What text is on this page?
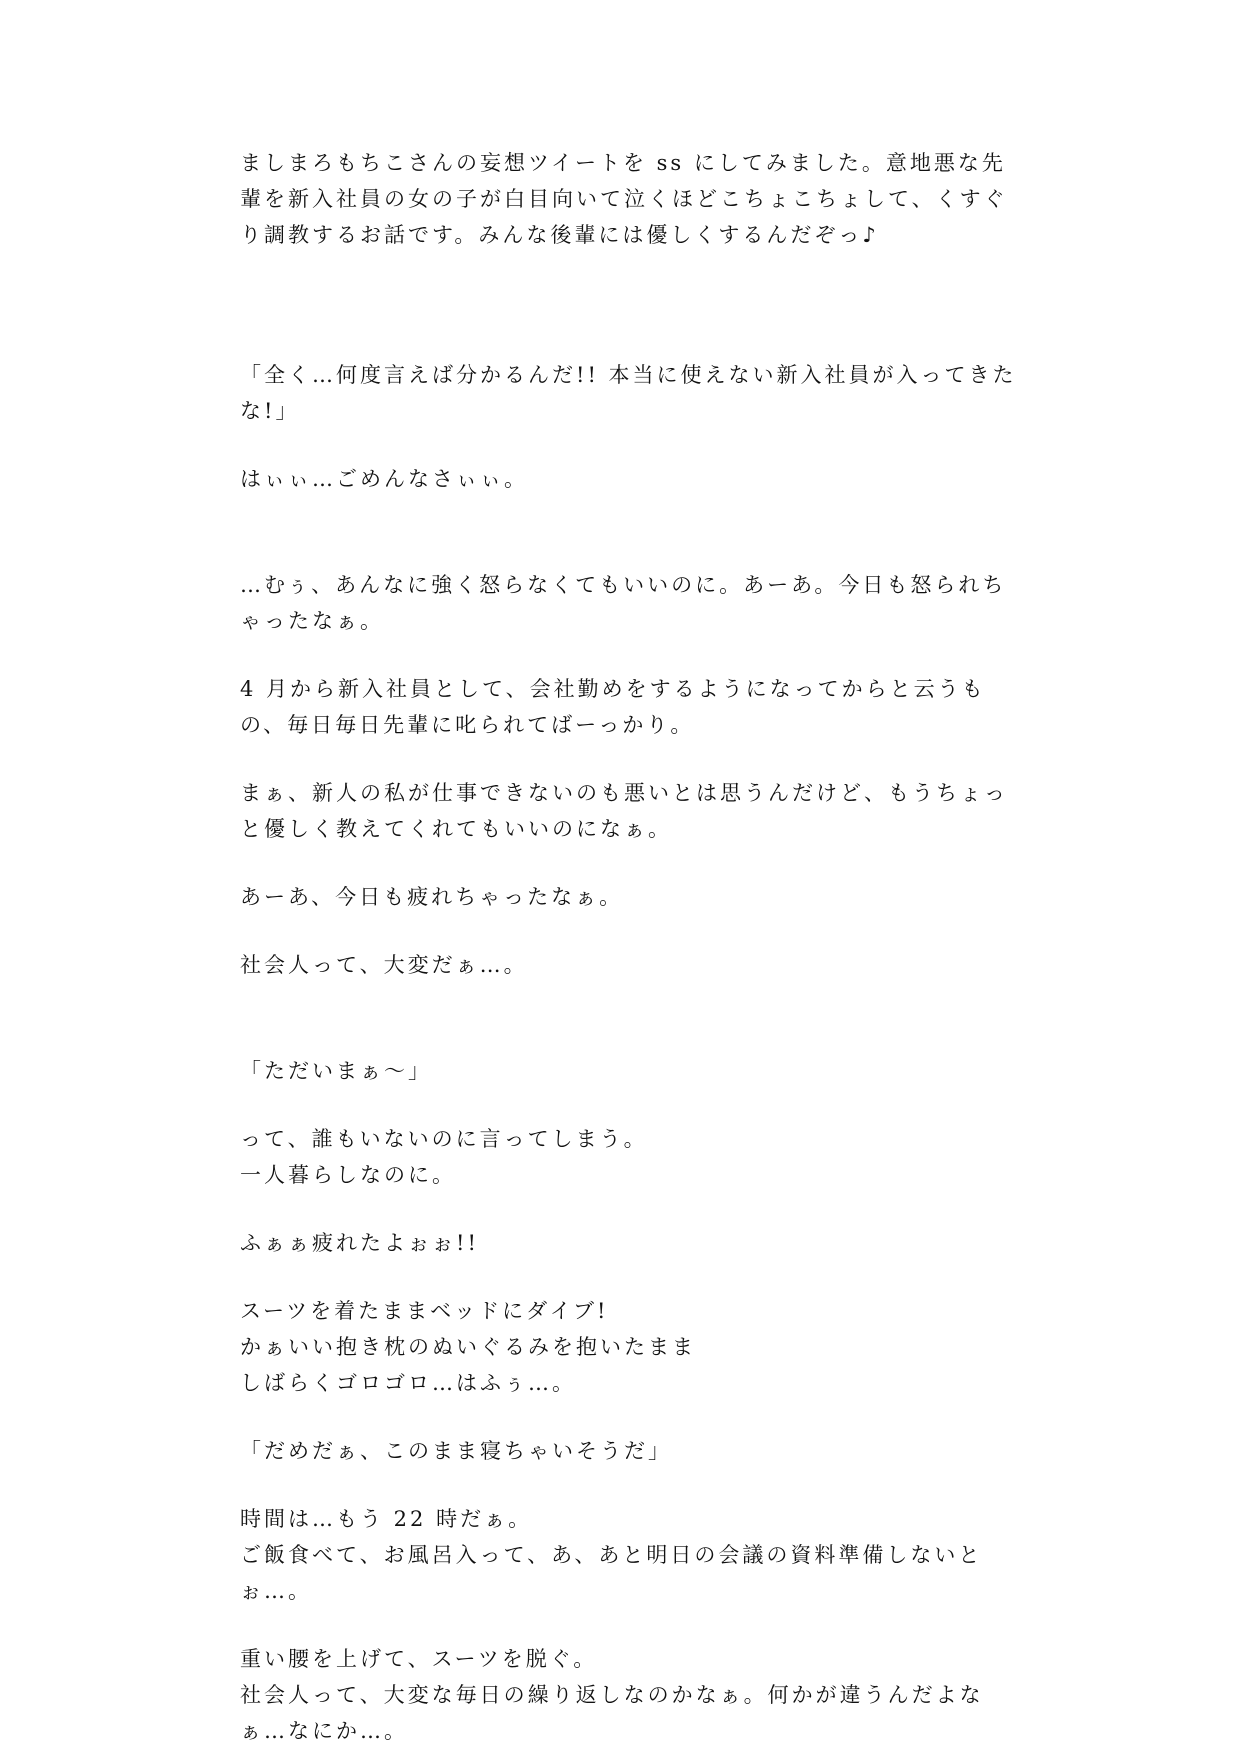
ましまろもちこさんの妄想ツイートを ss にしてみました。意地悪な先輩を新入社員の女の子が白目向いて泣くほどこちょこちょして、くすぐり調教するお話です。みんな後輩には優しくするんだぞっ♪

「全く…何度言えば分かるんだ!! 本当に使えない新入社員が入ってきたな!」

はぃぃ…ごめんなさぃぃ。

…むぅ、あんなに強く怒らなくてもいいのに。あーあ。今日も怒られちゃったなぁ。

4 月から新入社員として、会社勤めをするようになってからと云うもの、毎日毎日先輩に叱られてばーっかり。

まぁ、新人の私が仕事できないのも悪いとは思うんだけど、もうちょっと優しく教えてくれてもいいのになぁ。

あーあ、今日も疲れちゃったなぁ。

社会人って、大変だぁ…。

「ただいまぁ～」

って、誰もいないのに言ってしまう。
一人暮らしなのに。

ふぁぁ疲れたよぉぉ!!

スーツを着たままベッドにダイブ!
かぁいい抱き枕のぬいぐるみを抱いたまま
しばらくゴロゴロ…はふぅ…。

「だめだぁ、このまま寝ちゃいそうだ」

時間は…もう 22 時だぁ。
ご飯食べて、お風呂入って、あ、あと明日の会議の資料準備しないとぉ…。

重い腰を上げて、スーツを脱ぐ。
社会人って、大変な毎日の繰り返しなのかなぁ。何かが違うんだよなぁ…なにか…。
